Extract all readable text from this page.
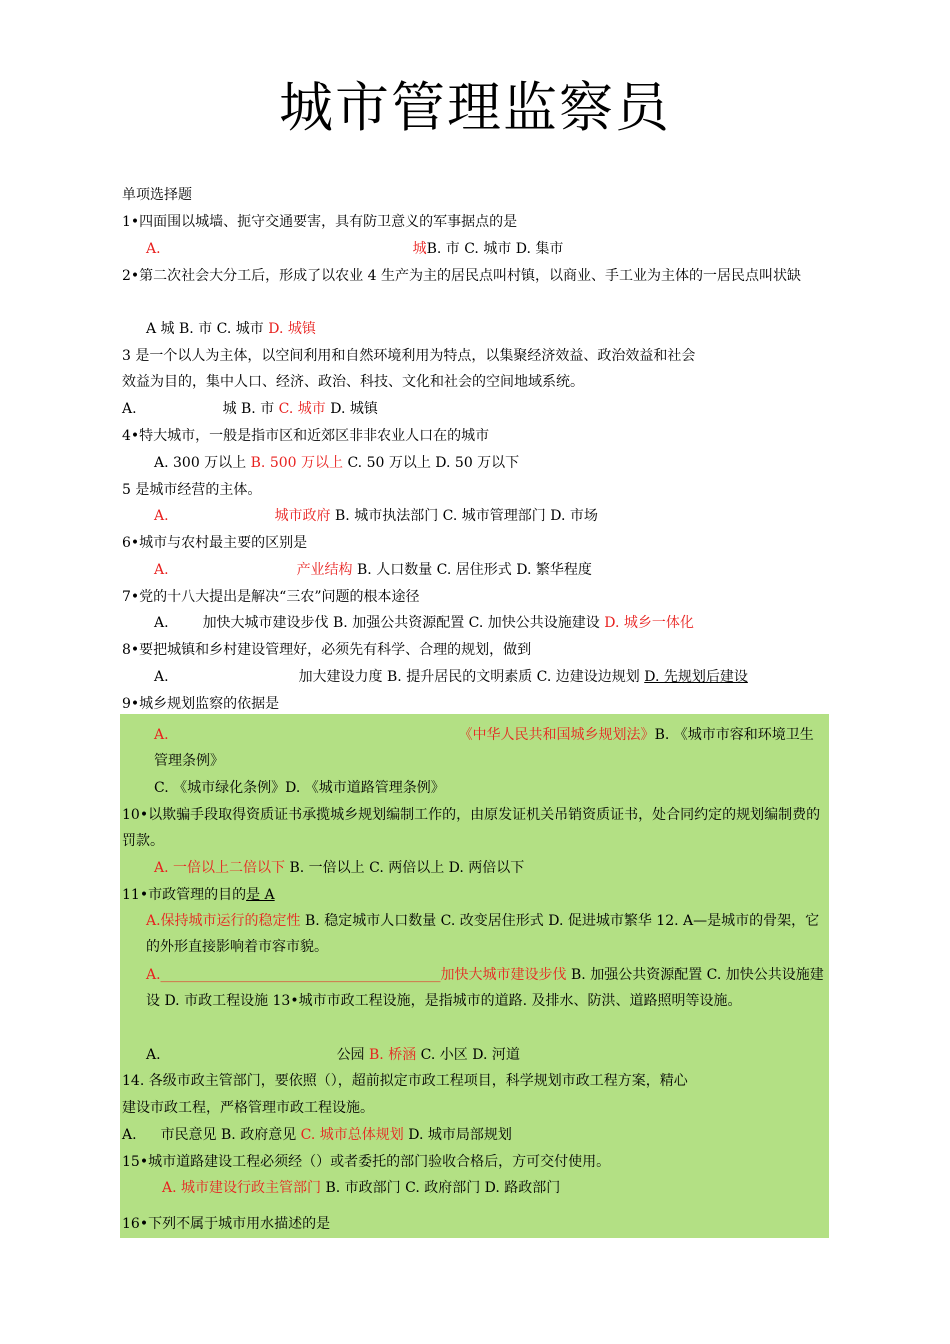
城市管理监察员
单项选择题
1•四面围以城墙、扼守交通要害，具有防卫意义的军事据点的是
A.	城B. 市 C. 城市 D. 集市
2•第二次社会大分工后，形成了以农业 4 生产为主的居民点叫村镇，以商业、手工业为主体的一居民点叫状缺
A 城 B. 市 C. 城市 D. 城镇
3 是一个以人为主体，以空间利用和自然环境利用为特点，以集聚经济效益、政治效益和社会
效益为目的，集中人口、经济、政治、科技、文化和社会的空间地域系统。
A.	城 B. 市 C. 城市 D. 城镇
4•特大城市，一般是指市区和近郊区非非农业人口在的城市
A. 300 万以上 B. 500 万以上 C. 50 万以上 D. 50 万以下
5 是城市经营的主体。
A.	城市政府 B. 城市执法部门 C. 城市管理部门 D. 市场
6•城市与农村最主要的区别是
A.	产业结构 B. 人口数量 C. 居住形式 D. 繁华程度
7•党的十八大提出是解决“三农”问题的根本途径
A. 加快大城市建设步伐 B. 加强公共资源配置 C. 加快公共设施建设 D. 城乡一体化
8•要把城镇和乡村建设管理好，必须先有科学、合理的规划，做到
A.	加大建设力度 B. 提升居民的文明素质 C. 边建设边规划 D. 先规划后建设
9•城乡规划监察的依据是
A.	《中华人民共和国城乡规划法》B. 《城市市容和环境卫生管理条例》
C. 《城市绿化条例》D. 《城市道路管理条例》
10•以欺骗手段取得资质证书承揽城乡规划编制工作的，由原发证机关吊销资质证书，处合同约定的规划编制费的罚款。
A. 一倍以上二倍以下 B. 一倍以上 C. 两倍以上 D. 两倍以下
11•市政管理的目的是 A
A.保持城市运行的稳定性 B. 稳定城市人口数量 C. 改变居住形式 D. 促进城市繁华 12. A—是城市的骨架，它的外形直接影响着市容市貌。
A.________________________________________加快大城市建设步伐 B. 加强公共资源配置 C. 加快公共设施建设 D. 市政工程设施 13•城市市政工程设施，是指城市的道路. 及排水、防洪、道路照明等设施。
A.	公园 B. 桥涵 C. 小区 D. 河道
14. 各级市政主管部门，要依照（），超前拟定市政工程项目，科学规划市政工程方案，精心
建设市政工程，严格管理市政工程设施。
A. 市民意见 B. 政府意见 C. 城市总体规划 D. 城市局部规划
15•城市道路建设工程必须经（）或者委托的部门验收合格后，方可交付使用。
A. 城市建设行政主管部门 B. 市政部门 C. 政府部门 D. 路政部门
16•下列不属于城市用水描述的是
